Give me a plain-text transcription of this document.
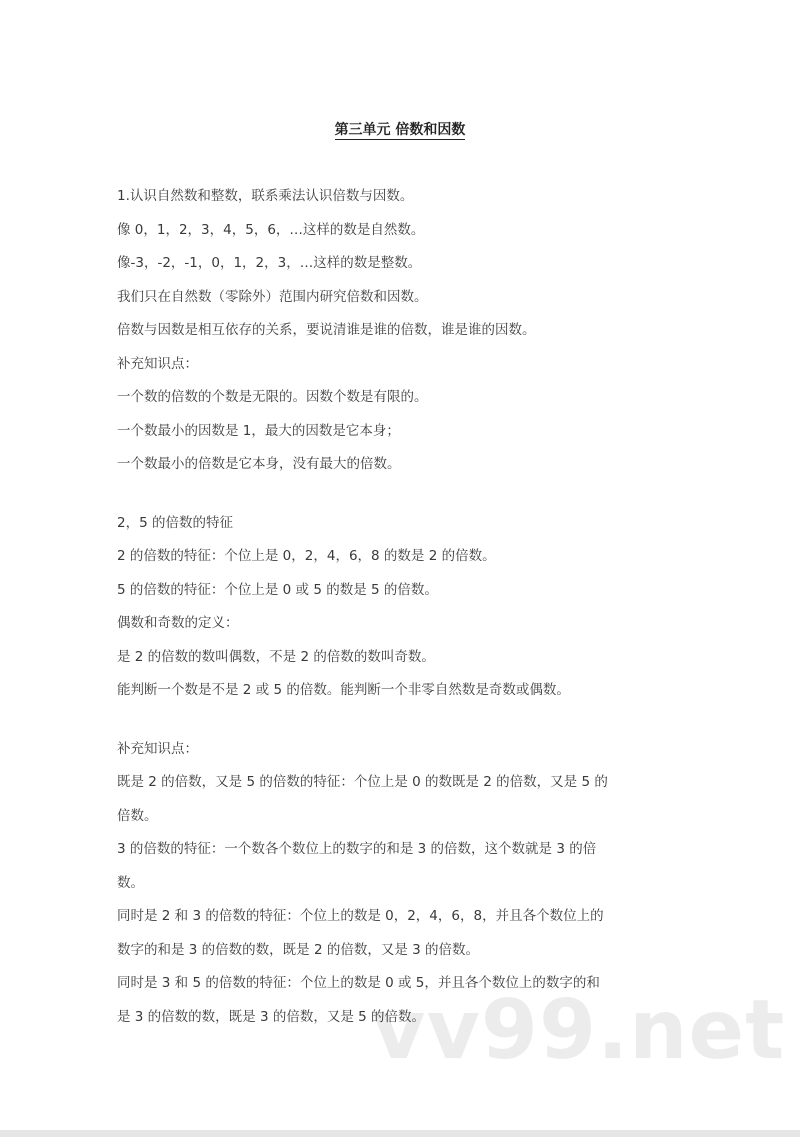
第三单元 倍数和因数
1.认识自然数和整数，联系乘法认识倍数与因数。
像 0，1，2，3，4，5，6，…这样的数是自然数。
像-3，-2，-1，0，1，2，3，…这样的数是整数。
我们只在自然数（零除外）范围内研究倍数和因数。
倍数与因数是相互依存的关系，要说清谁是谁的倍数，谁是谁的因数。
补充知识点：
一个数的倍数的个数是无限的。因数个数是有限的。
一个数最小的因数是 1，最大的因数是它本身；
一个数最小的倍数是它本身，没有最大的倍数。
2，5 的倍数的特征
2 的倍数的特征：个位上是 0，2，4，6，8 的数是 2 的倍数。
5 的倍数的特征：个位上是 0 或 5 的数是 5 的倍数。
偶数和奇数的定义：
是 2 的倍数的数叫偶数，不是 2 的倍数的数叫奇数。
能判断一个数是不是 2 或 5 的倍数。能判断一个非零自然数是奇数或偶数。
补充知识点：
既是 2 的倍数，又是 5 的倍数的特征：个位上是 0 的数既是 2 的倍数，又是 5 的
倍数。
3 的倍数的特征：一个数各个数位上的数字的和是 3 的倍数，这个数就是 3 的倍
数。
同时是 2 和 3 的倍数的特征：个位上的数是 0，2，4，6，8，并且各个数位上的
数字的和是 3 的倍数的数，既是 2 的倍数，又是 3 的倍数。
同时是 3 和 5 的倍数的特征：个位上的数是 0 或 5，并且各个数位上的数字的和
是 3 的倍数的数，既是 3 的倍数，又是 5 的倍数。
vv99.net
